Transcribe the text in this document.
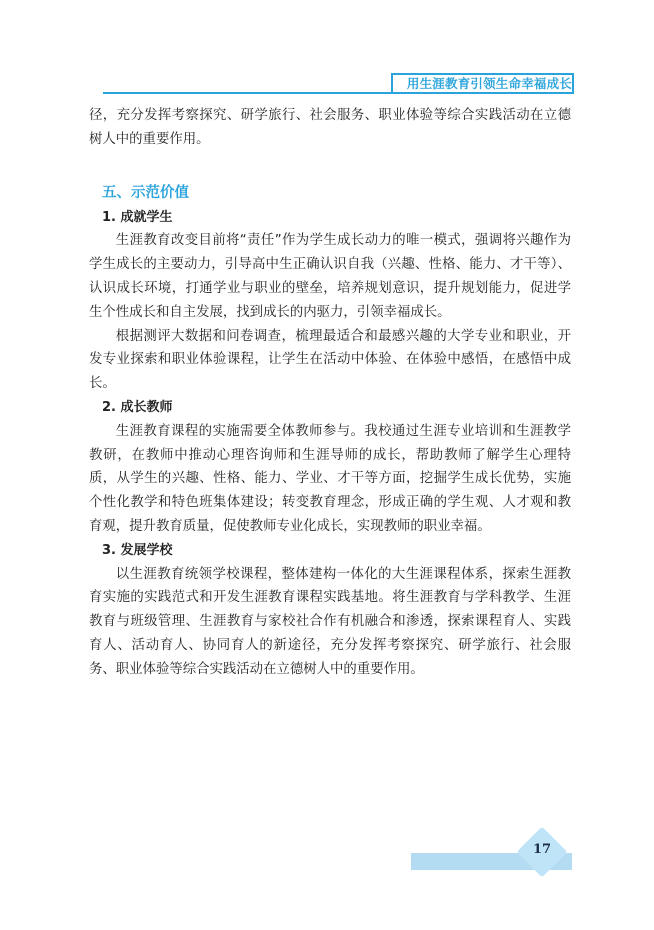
用生涯教育引领生命幸福成长

径，充分发挥考察探究、研学旅行、社会服务、职业体验等综合实践活动在立德树人中的重要作用。

五、示范价值
1. 成就学生

生涯教育改变目前将“责任”作为学生成长动力的唯一模式，强调将兴趣作为学生成长的主要动力，引导高中生正确认识自我（兴趣、性格、能力、才干等）、认识成长环境，打通学业与职业的壁垒，培养规划意识，提升规划能力，促进学生个性成长和自主发展，找到成长的内驱力，引领幸福成长。

根据测评大数据和问卷调查，梳理最适合和最感兴趣的大学专业和职业，开发专业探索和职业体验课程，让学生在活动中体验、在体验中感悟，在感悟中成长。

2. 成长教师

生涯教育课程的实施需要全体教师参与。我校通过生涯专业培训和生涯教学教研，在教师中推动心理咨询师和生涯导师的成长，帮助教师了解学生心理特质，从学生的兴趣、性格、能力、学业、才干等方面，挖掘学生成长优势，实施个性化教学和特色班集体建设；转变教育理念，形成正确的学生观、人才观和教育观，提升教育质量，促使教师专业化成长，实现教师的职业幸福。

3. 发展学校

以生涯教育统领学校课程，整体建构一体化的大生涯课程体系，探索生涯教育实施的实践范式和开发生涯教育课程实践基地。将生涯教育与学科教学、生涯教育与班级管理、生涯教育与家校社合作有机融合和渗透，探索课程育人、实践育人、活动育人、协同育人的新途径，充分发挥考察探究、研学旅行、社会服务、职业体验等综合实践活动在立德树人中的重要作用。

17
